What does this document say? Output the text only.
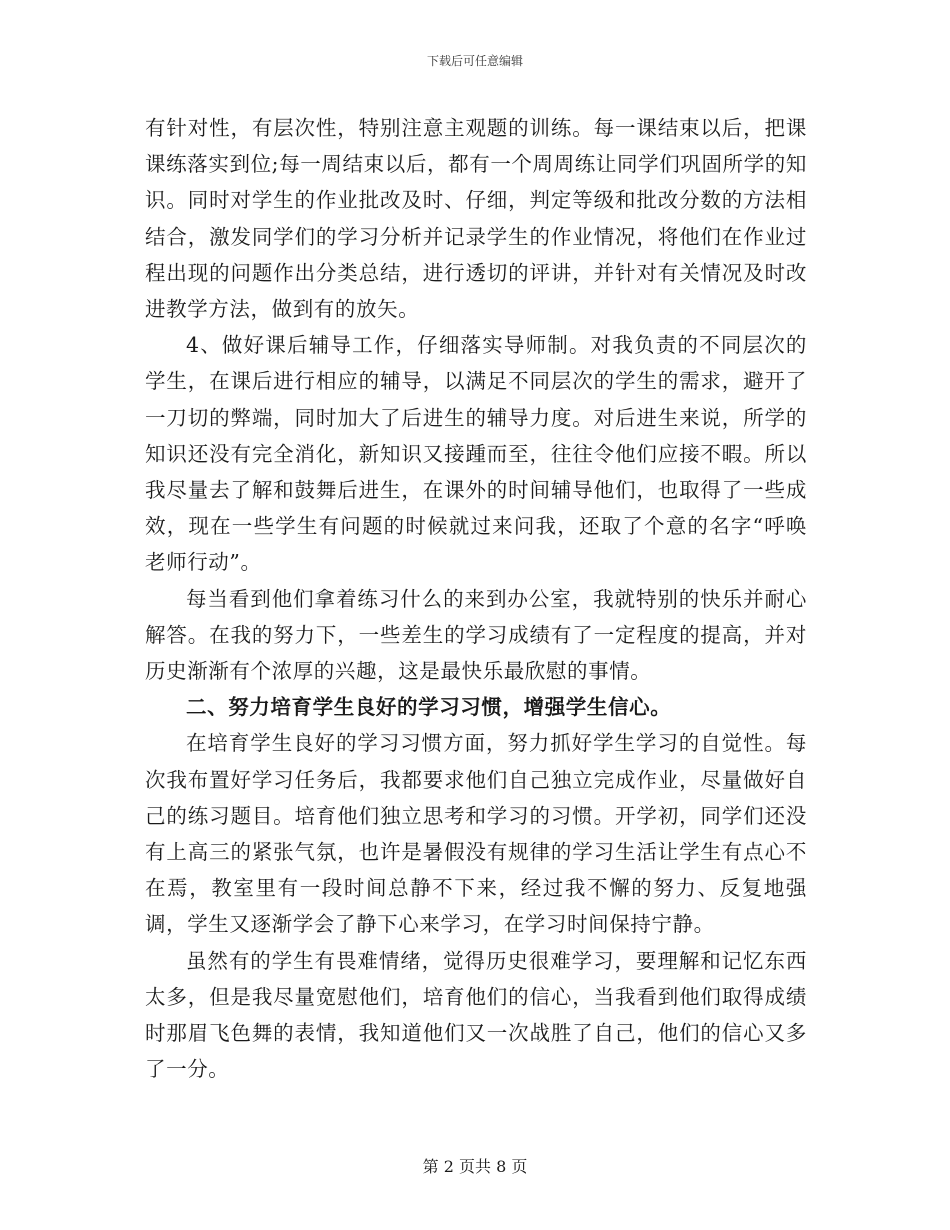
下载后可任意编辑

有针对性，有层次性，特别注意主观题的训练。每一课结束以后，把课课练落实到位;每一周结束以后，都有一个周周练让同学们巩固所学的知识。同时对学生的作业批改及时、仔细，判定等级和批改分数的方法相结合，激发同学们的学习分析并记录学生的作业情况，将他们在作业过程出现的问题作出分类总结，进行透切的评讲，并针对有关情况及时改进教学方法，做到有的放矢。

4、做好课后辅导工作，仔细落实导师制。对我负责的不同层次的学生，在课后进行相应的辅导，以满足不同层次的学生的需求，避开了一刀切的弊端，同时加大了后进生的辅导力度。对后进生来说，所学的知识还没有完全消化，新知识又接踵而至，往往令他们应接不暇。所以我尽量去了解和鼓舞后进生，在课外的时间辅导他们，也取得了一些成效，现在一些学生有问题的时候就过来问我，还取了个意的名字“呼唤老师行动”。

每当看到他们拿着练习什么的来到办公室，我就特别的快乐并耐心解答。在我的努力下，一些差生的学习成绩有了一定程度的提高，并对历史渐渐有个浓厚的兴趣，这是最快乐最欣慰的事情。

二、努力培育学生良好的学习习惯，增强学生信心。

在培育学生良好的学习习惯方面，努力抓好学生学习的自觉性。每次我布置好学习任务后，我都要求他们自己独立完成作业，尽量做好自己的练习题目。培育他们独立思考和学习的习惯。开学初，同学们还没有上高三的紧张气氛，也许是暑假没有规律的学习生活让学生有点心不在焉，教室里有一段时间总静不下来，经过我不懈的努力、反复地强调，学生又逐渐学会了静下心来学习，在学习时间保持宁静。

虽然有的学生有畏难情绪，觉得历史很难学习，要理解和记忆东西太多，但是我尽量宽慰他们，培育他们的信心，当我看到他们取得成绩时那眉飞色舞的表情，我知道他们又一次战胜了自己，他们的信心又多了一分。

第 2 页共 8 页
